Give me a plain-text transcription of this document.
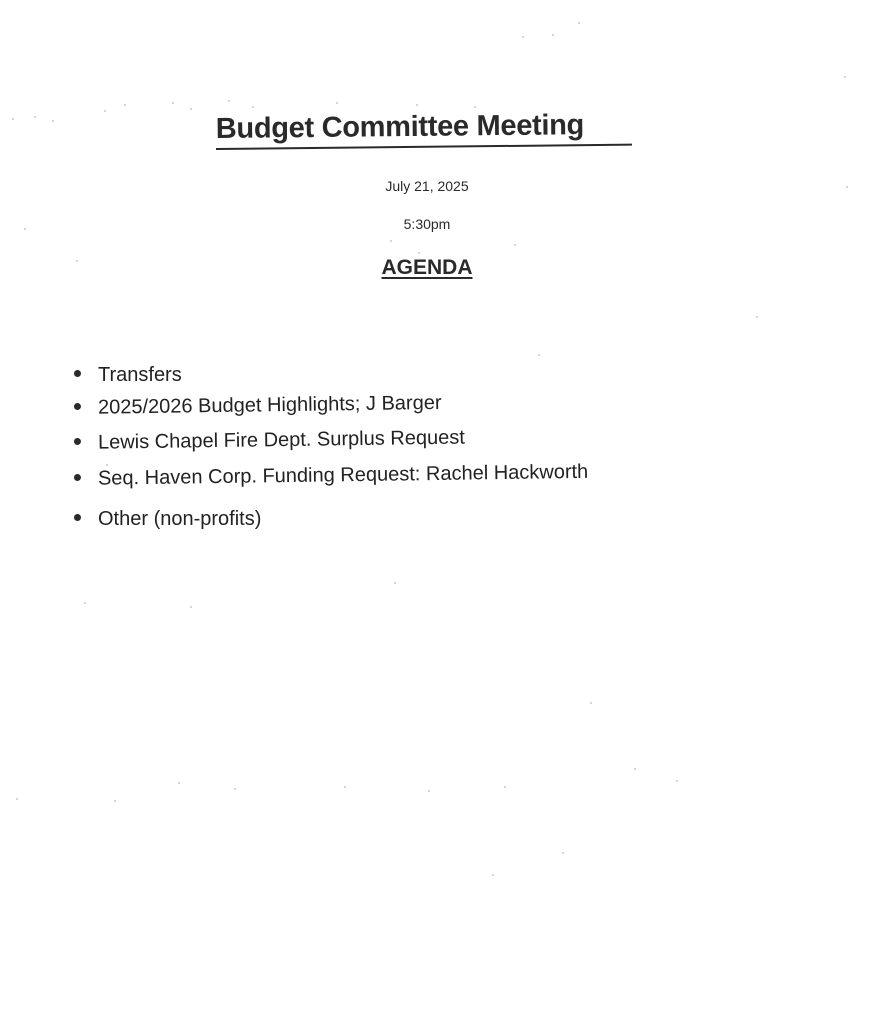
Budget Committee Meeting
July 21, 2025
5:30pm
AGENDA
Transfers
2025/2026 Budget Highlights; J Barger
Lewis Chapel Fire Dept. Surplus Request
Seq. Haven Corp. Funding Request: Rachel Hackworth
Other (non-profits)
